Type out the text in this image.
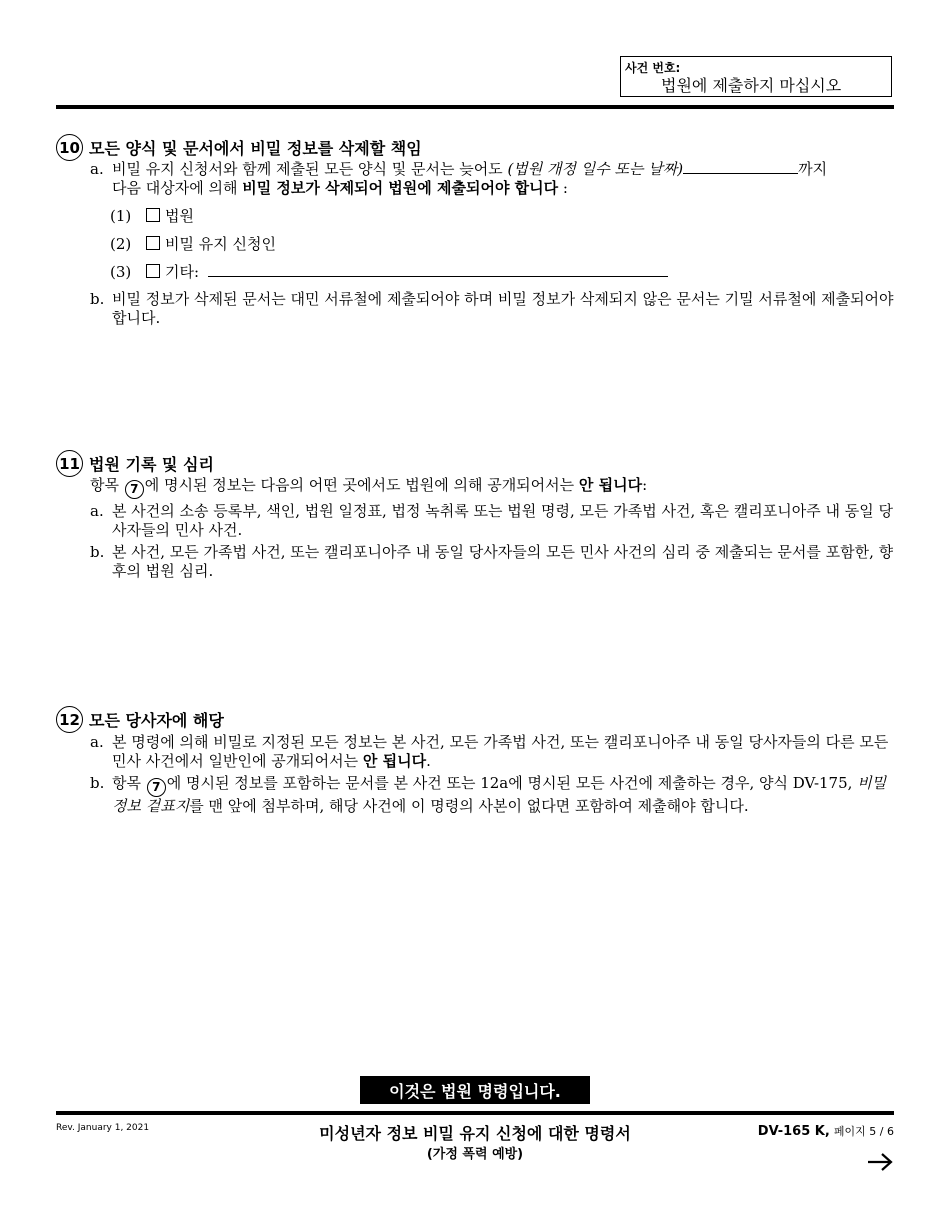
사건 번호:
법원에 제출하지 마십시오
10 모든 양식 및 문서에서 비밀 정보를 삭제할 책임
a. 비밀 유지 신청서와 함께 제출된 모든 양식 및 문서는 늦어도 (법원 개정 일수 또는 날짜)	까지
다음 대상자에 의해 비밀 정보가 삭제되어 법원에 제출되어야 합니다 :
(1) 법원
(2) 비밀 유지 신청인
(3) 기타:
b. 비밀 정보가 삭제된 문서는 대민 서류철에 제출되어야 하며 비밀 정보가 삭제되지 않은 문서는 기밀 서류철에 제출되어야 합니다.
11 법원 기록 및 심리
항목 7 에 명시된 정보는 다음의 어떤 곳에서도 법원에 의해 공개되어서는 안 됩니다:
a. 본 사건의 소송 등록부, 색인, 법원 일정표, 법정 녹취록 또는 법원 명령, 모든 가족법 사건, 혹은 캘리포니아주 내 동일 당사자들의 민사 사건.
b. 본 사건, 모든 가족법 사건, 또는 캘리포니아주 내 동일 당사자들의 모든 민사 사건의 심리 중 제출되는 문서를 포함한, 향후의 법원 심리.
12 모든 당사자에 해당
a. 본 명령에 의해 비밀로 지정된 모든 정보는 본 사건, 모든 가족법 사건, 또는 캘리포니아주 내 동일 당사자들의 다른 모든 민사 사건에서 일반인에 공개되어서는 안 됩니다.
b. 항목 7 에 명시된 정보를 포함하는 문서를 본 사건 또는 12a에 명시된 모든 사건에 제출하는 경우, 양식 DV-175, 비밀 정보 겉표지를 맨 앞에 첨부하며, 해당 사건에 이 명령의 사본이 없다면 포함하여 제출해야 합니다.
이것은 법원 명령입니다.
Rev. January 1, 2021	미성년자 정보 비밀 유지 신청에 대한 명령서
(가정 폭력 예방)
DV-165 K, 페이지 5 / 6
